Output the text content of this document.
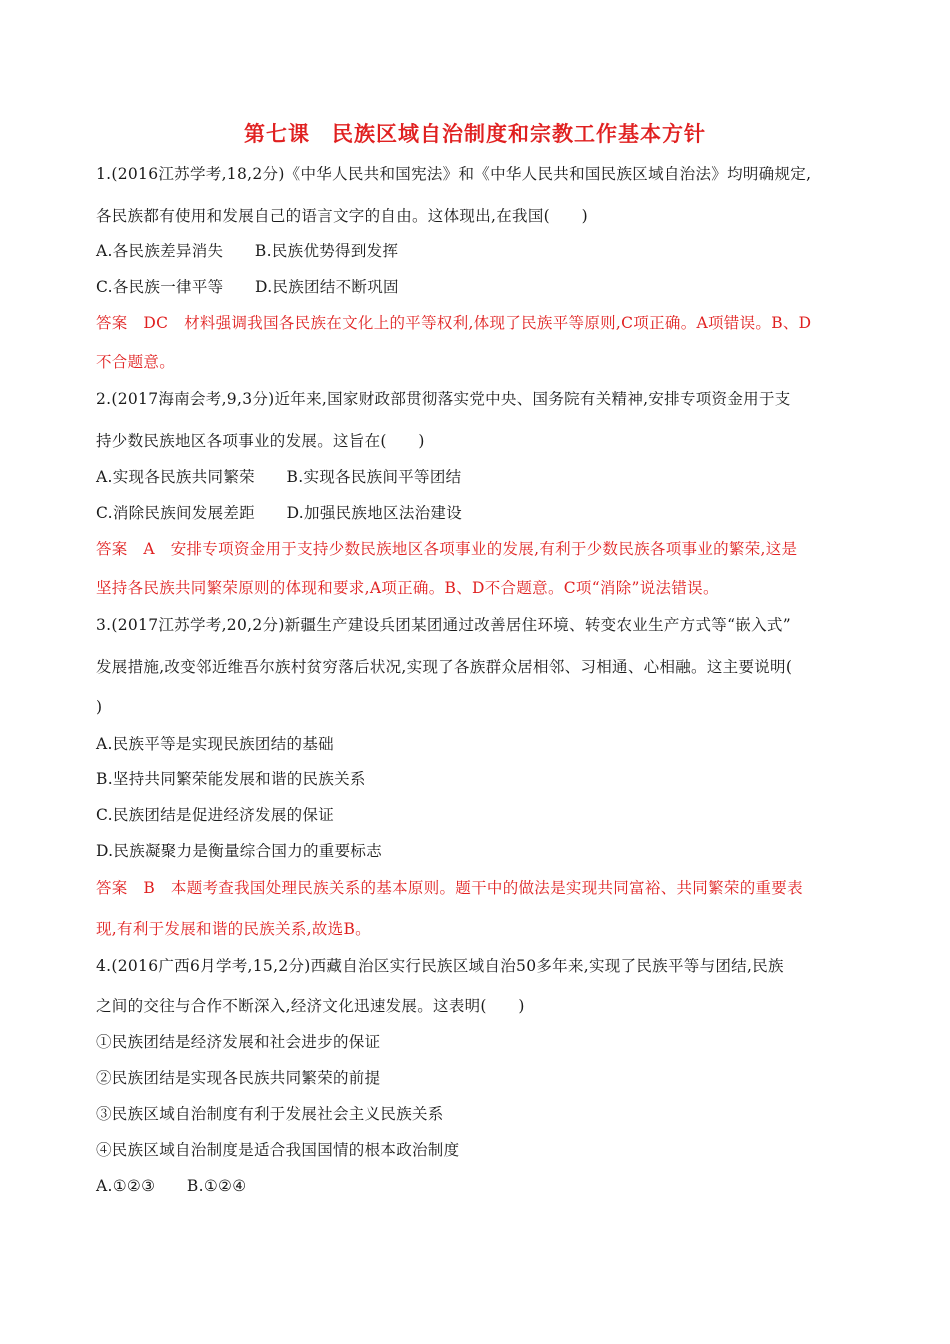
第七课　民族区域自治制度和宗教工作基本方针
1.(2016江苏学考,18,2分)《中华人民共和国宪法》和《中华人民共和国民族区域自治法》均明确规定,
各民族都有使用和发展自己的语言文字的自由。这体现出,在我国(　　)
A.各民族差异消失　　B.民族优势得到发挥
C.各民族一律平等　　D.民族团结不断巩固
答案　DC　材料强调我国各民族在文化上的平等权利,体现了民族平等原则,C项正确。A项错误。B、D
不合题意。
2.(2017海南会考,9,3分)近年来,国家财政部贯彻落实党中央、国务院有关精神,安排专项资金用于支
持少数民族地区各项事业的发展。这旨在(　　)
A.实现各民族共同繁荣　　B.实现各民族间平等团结
C.消除民族间发展差距　　D.加强民族地区法治建设
答案　A　安排专项资金用于支持少数民族地区各项事业的发展,有利于少数民族各项事业的繁荣,这是
坚持各民族共同繁荣原则的体现和要求,A项正确。B、D不合题意。C项“消除”说法错误。
3.(2017江苏学考,20,2分)新疆生产建设兵团某团通过改善居住环境、转变农业生产方式等“嵌入式”
发展措施,改变邻近维吾尔族村贫穷落后状况,实现了各族群众居相邻、习相通、心相融。这主要说明(
)
A.民族平等是实现民族团结的基础
B.坚持共同繁荣能发展和谐的民族关系
C.民族团结是促进经济发展的保证
D.民族凝聚力是衡量综合国力的重要标志
答案　B　本题考查我国处理民族关系的基本原则。题干中的做法是实现共同富裕、共同繁荣的重要表
现,有利于发展和谐的民族关系,故选B。
4.(2016广西6月学考,15,2分)西藏自治区实行民族区域自治50多年来,实现了民族平等与团结,民族
之间的交往与合作不断深入,经济文化迅速发展。这表明(　　)
①民族团结是经济发展和社会进步的保证
②民族团结是实现各民族共同繁荣的前提
③民族区域自治制度有利于发展社会主义民族关系
④民族区域自治制度是适合我国国情的根本政治制度
A.①②③　　B.①②④
